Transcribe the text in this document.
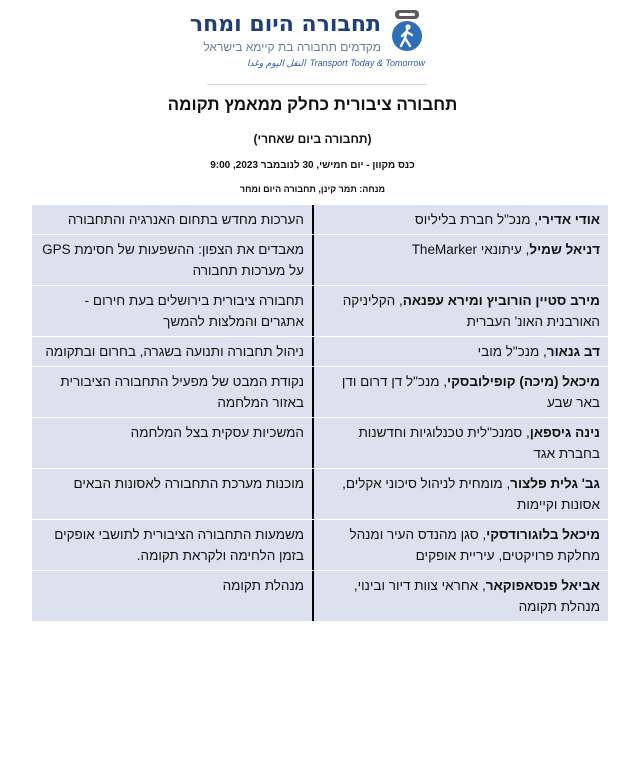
תחבורה היום ומחר
מקדמים תחבורה בת קיימא בישראל
النقل اليوم وغدا Transport Today & Tomorrow
תחבורה ציבורית כחלק ממאמץ תקומה
(תחבורה ביום שאחרי)
כנס מקוון - יום חמישי, 30 לנובמבר 2023, 9:00
מנחה: תמר קינן, תחבורה היום ומחר
אודי אדירי, מנכ"ל חברת בליליוס
הערכות מחדש בתחום האנרגיה והתחבורה
דניאל שמיל, עיתונאי TheMarker
מאבדים את הצפון: ההשפעות של חסימת GPS על מערכות תחבורה
מירב סטיין הורוביץ ומירא עפנאה, הקליניקה האורבנית האונ' העברית
תחבורה ציבורית בירושלים בעת חירום - אתגרים והמלצות להמשך
דב גנאור, מנכ"ל מובי
ניהול תחבורה ותנועה בשגרה, בחרום ובתקומה
מיכאל (מיכה) קופילובסקי, מנכ"ל דן דרום ודן באר שבע
נקודת המבט של מפעיל התחבורה הציבורית באזור המלחמה
נינה גיספאן, סמנכ"לית טכנלוגיות וחדשנות בחברת אגד
המשכיות עסקית בצל המלחמה
גב' גלית פלצור, מומחית לניהול סיכוני אקלים, אסונות וקיימות
מוכנות מערכת התחבורה לאסונות הבאים
מיכאל בלוגורודסקי, סגן מהנדס העיר ומנהל מחלקת פרויקטים, עיריית אופקים
משמעות התחבורה הציבורית לתושבי אופקים בזמן הלחימה ולקראת תקומה.
אביאל פנסאפוקאר, אחראי צוות דיור ובינוי, מנהלת תקומה
מנהלת תקומה
